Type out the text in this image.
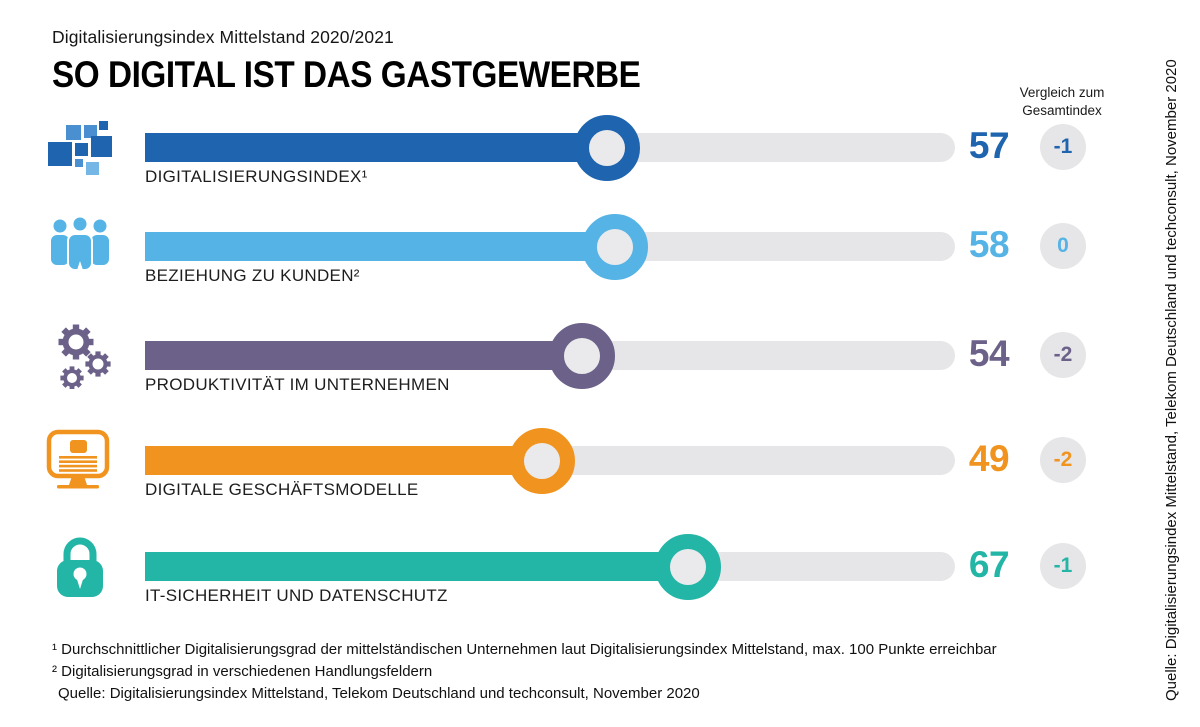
Digitalisierungsindex Mittelstand 2020/2021
SO DIGITAL IST DAS GASTGEWERBE	Vergleich zum
Gesamtindex
DIGITALISIERUNGSINDEX¹
57	-1
BEZIEHUNG ZU KUNDEN²
58	0
PRODUKTIVITÄT IM UNTERNEHMEN
54	-2
DIGITALE GESCHÄFTSMODELLE
49	-2
IT-SICHERHEIT UND DATENSCHUTZ
67	-1

¹ Durchschnittlicher Digitalisierungsgrad der mittelständischen Unternehmen laut Digitalisierungsindex Mittelstand, max. 100 Punkte erreichbar

² Digitalisierungsgrad in verschiedenen Handlungsfeldern

Quelle: Digitalisierungsindex Mittelstand, Telekom Deutschland und techconsult, November 2020	Quelle: Digitalisierungsindex Mittelstand, Telekom Deutschland und techconsult, November 2020
